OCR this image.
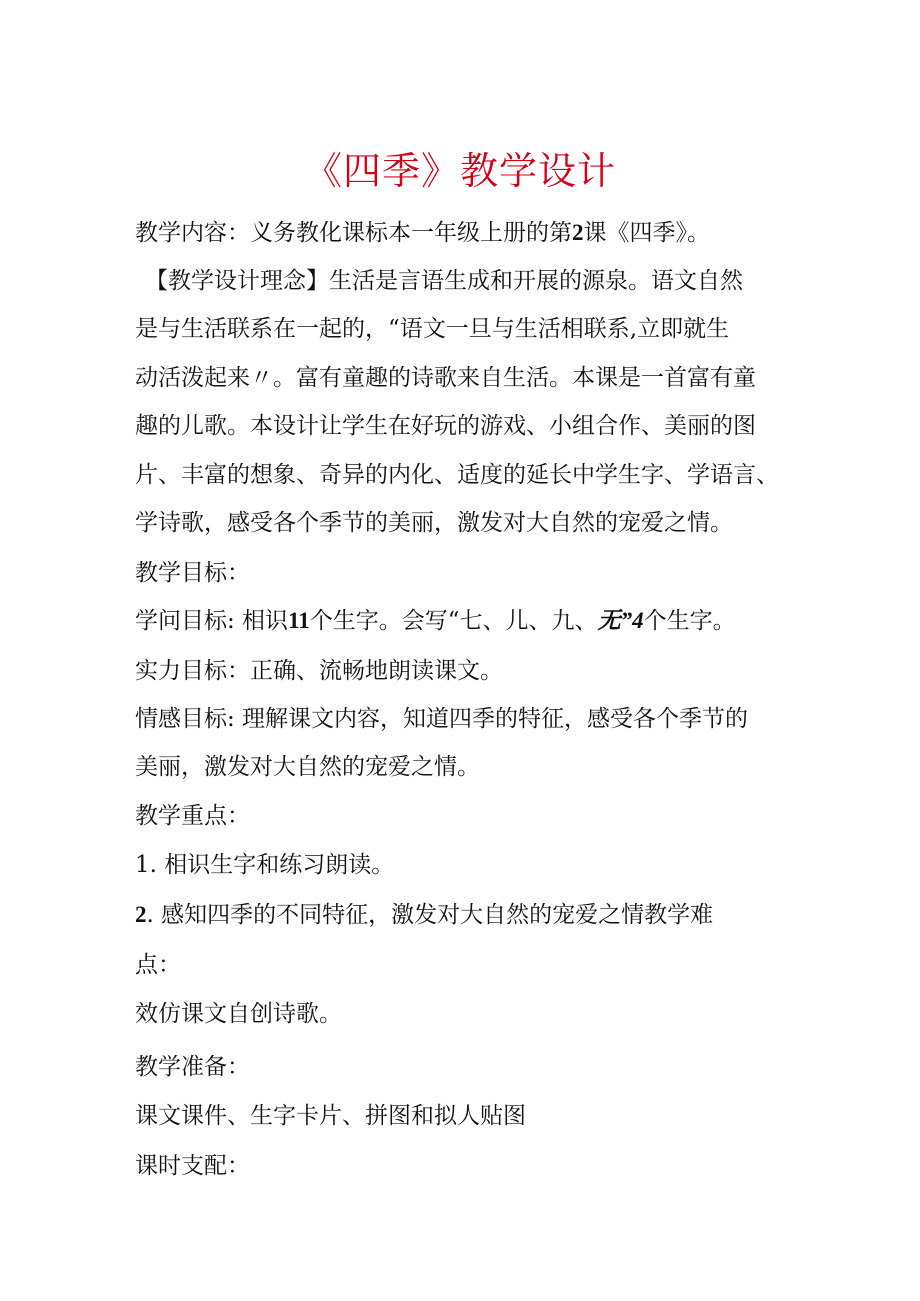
《四季》教学设计
教学内容：义务教化课标本一年级上册的第2课《四季》。
【教学设计理念】生活是言语生成和开展的源泉。语文自然
是与生活联系在一起的，“语文一旦与生活相联系,立即就生
动活泼起来〃。富有童趣的诗歌来自生活。本课是一首富有童
趣的儿歌。本设计让学生在好玩的游戏、小组合作、美丽的图
片、丰富的想象、奇异的内化、适度的延长中学生字、学语言、
学诗歌，感受各个季节的美丽，激发对大自然的宠爱之情。
教学目标：
学问目标: 相识11个生字。会写“七、儿、九、无”4个生字。
实力目标：正确、流畅地朗读课文。
情感目标: 理解课文内容，知道四季的特征，感受各个季节的
美丽，激发对大自然的宠爱之情。
教学重点：
1. 相识生字和练习朗读。
2. 感知四季的不同特征，激发对大自然的宠爱之情教学难
点：
效仿课文自创诗歌。
教学准备：
课文课件、生字卡片、拼图和拟人贴图
课时支配：
